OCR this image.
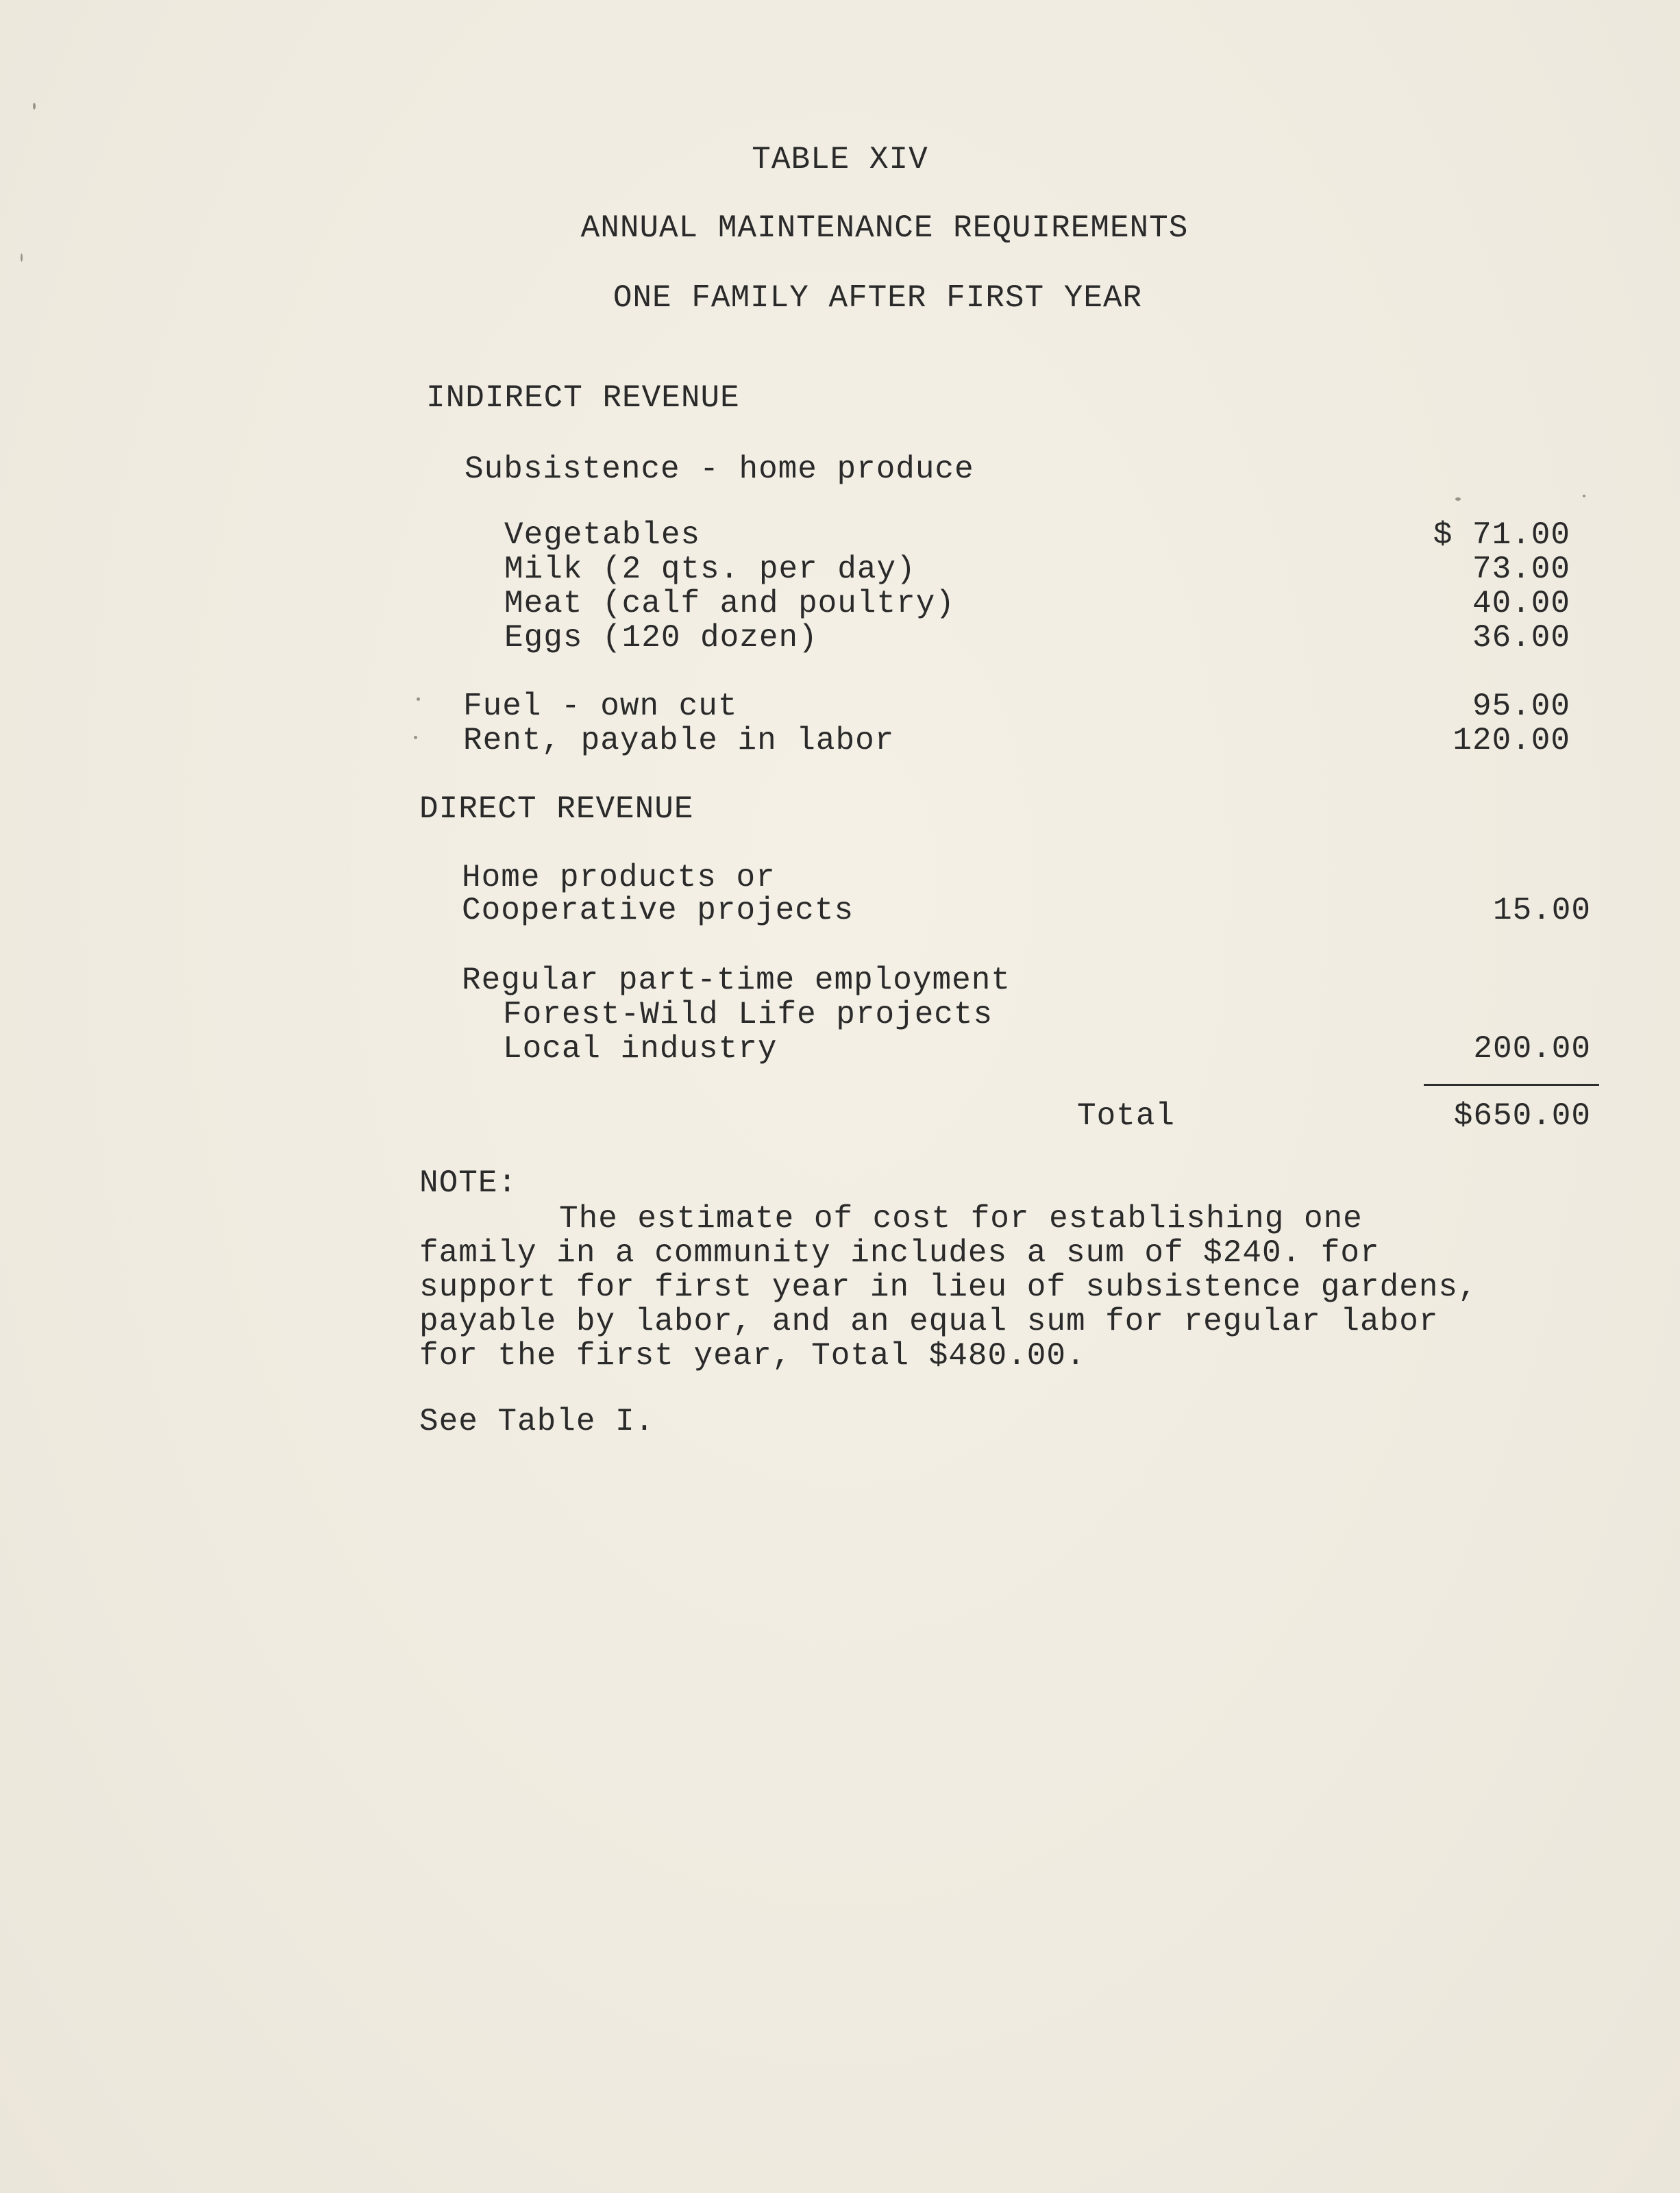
TABLE XIV
ANNUAL MAINTENANCE REQUIREMENTS
ONE FAMILY AFTER FIRST YEAR
INDIRECT REVENUE
Subsistence - home produce
Vegetables	$ 71.00
Milk (2 qts. per day)	73.00
Meat (calf and poultry)	40.00
Eggs (120 dozen)	36.00
Fuel - own cut	95.00
Rent, payable in labor	120.00
DIRECT REVENUE
Home products or
Cooperative projects	15.00
Regular part-time employment
Forest-Wild Life projects
Local industry	200.00
Total	$650.00
NOTE:
The estimate of cost for establishing one
family in a community includes a sum of $240. for
support for first year in lieu of subsistence gardens,
payable by labor, and an equal sum for regular labor
for the first year, Total $480.00.
See Table I.
